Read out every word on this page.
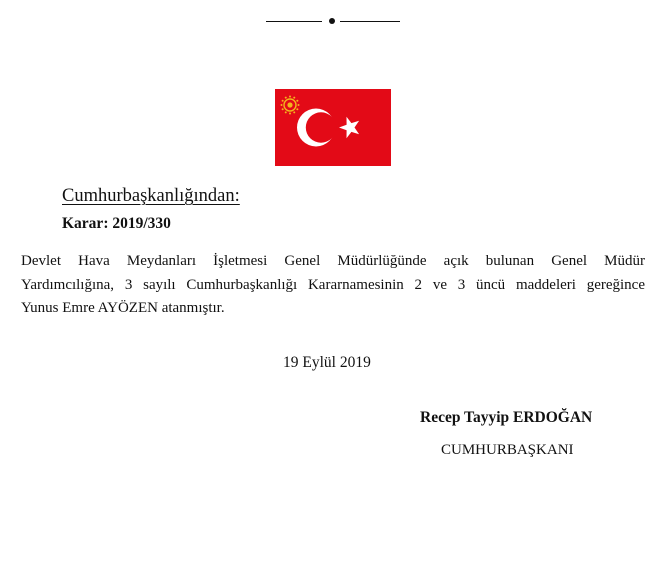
Cumhurbaşkanlığından:
Karar: 2019/330
Devlet Hava Meydanları İşletmesi Genel Müdürlüğünde açık bulunan Genel Müdür
Yardımcılığına, 3 sayılı Cumhurbaşkanlığı Kararnamesinin 2 ve 3 üncü maddeleri gereğince
Yunus Emre AYÖZEN atanmıştır.
19 Eylül 2019
Recep Tayyip ERDOĞAN
CUMHURBAŞKANI
